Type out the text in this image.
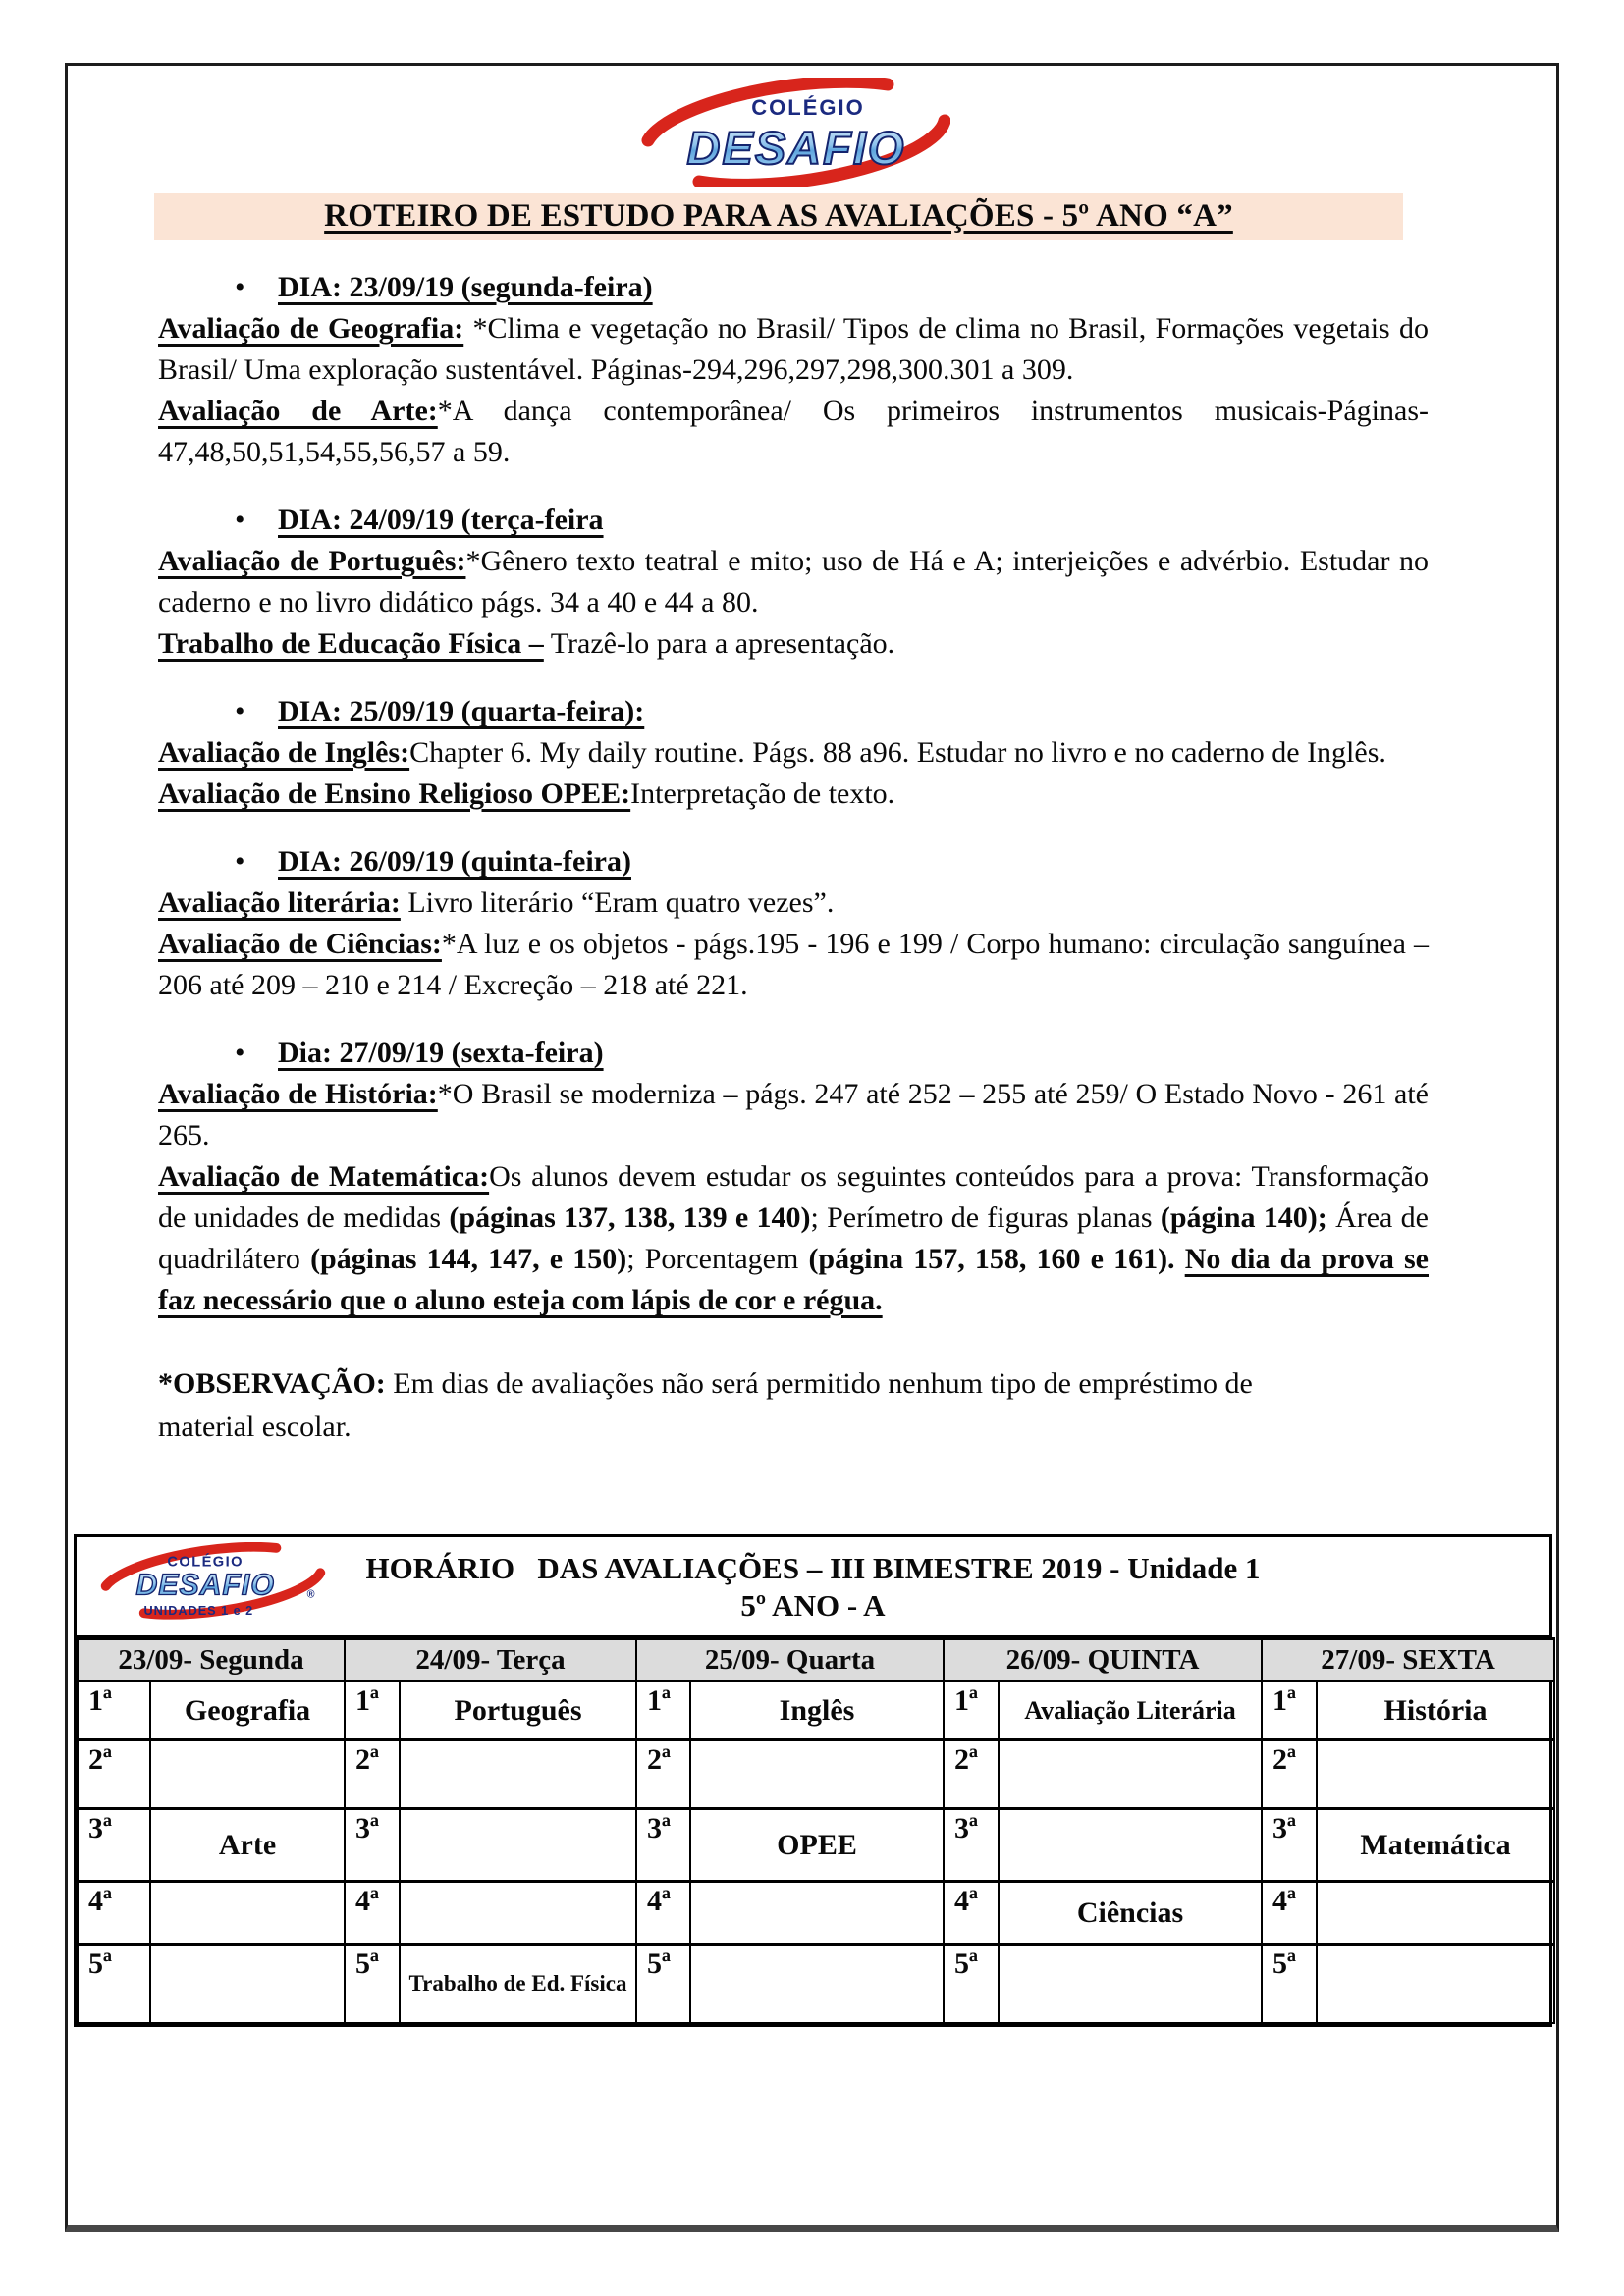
COLÉGIO
DESAFIO
ROTEIRO DE ESTUDO PARA AS AVALIAÇÕES - 5º ANO “A”
•
DIA: 23/09/19 (segunda-feira)

Avaliação de Geografia: *Clima e vegetação no Brasil/ Tipos de clima no Brasil, Formações vegetais do Brasil/ Uma exploração sustentável. Páginas-294,296,297,298,300.301 a 309.

Avaliação de Arte:*A dança contemporânea/ Os primeiros instrumentos musicais-Páginas-47,48,50,51,54,55,56,57 a 59.

•
DIA: 24/09/19 (terça-feira

Avaliação de Português:*Gênero texto teatral e mito; uso de Há e A; interjeições e advérbio. Estudar no caderno e no livro didático págs. 34 a 40 e 44 a 80.

Trabalho de Educação Física – Trazê-lo para a apresentação.

•
DIA: 25/09/19 (quarta-feira):

Avaliação de Inglês:Chapter 6. My daily routine. Págs. 88 a96. Estudar no livro e no caderno de Inglês.

Avaliação de Ensino Religioso OPEE:Interpretação de texto.

•
DIA: 26/09/19 (quinta-feira)

Avaliação literária: Livro literário “Eram quatro vezes”.

Avaliação de Ciências:*A luz e os objetos - págs.195 - 196 e 199 / Corpo humano: circulação sanguínea – 206 até 209 – 210 e 214 / Excreção – 218 até 221.

•
Dia: 27/09/19 (sexta-feira)

Avaliação de História:*O Brasil se moderniza – págs. 247 até 252 – 255 até 259/ O Estado Novo - 261 até 265.

Avaliação de Matemática:Os alunos devem estudar os seguintes conteúdos para a prova: Transformação de unidades de medidas (páginas 137, 138, 139 e 140); Perímetro de figuras planas (página 140); Área de quadrilátero (páginas 144, 147, e 150); Porcentagem (página 157, 158, 160 e 161). No dia da prova se faz necessário que o aluno esteja com lápis de cor e régua.

*OBSERVAÇÃO: Em dias de avaliações não será permitido nenhum tipo de empréstimo de material escolar.

COLÉGIO
DESAFIO	®
UNIDADES 1 e 2
HORÁRIO   DAS AVALIAÇÕES – III BIMESTRE 2019 - Unidade 1
5º ANO - A
23/09- Segunda		24/09- Terça		25/09- Quarta		26/09- QUINTA		27/09- SEXTA	
1ª	Geografia	1ª	Português	1ª	Inglês	1ª	Avaliação Literária	1ª	História
2ª		2ª		2ª		2ª		2ª	
3ª	Arte	3ª		3ª	OPEE	3ª		3ª	Matemática
4ª		4ª		4ª		4ª	Ciências	4ª	
5ª		5ª	Trabalho de Ed. Física	5ª		5ª		5ª	
